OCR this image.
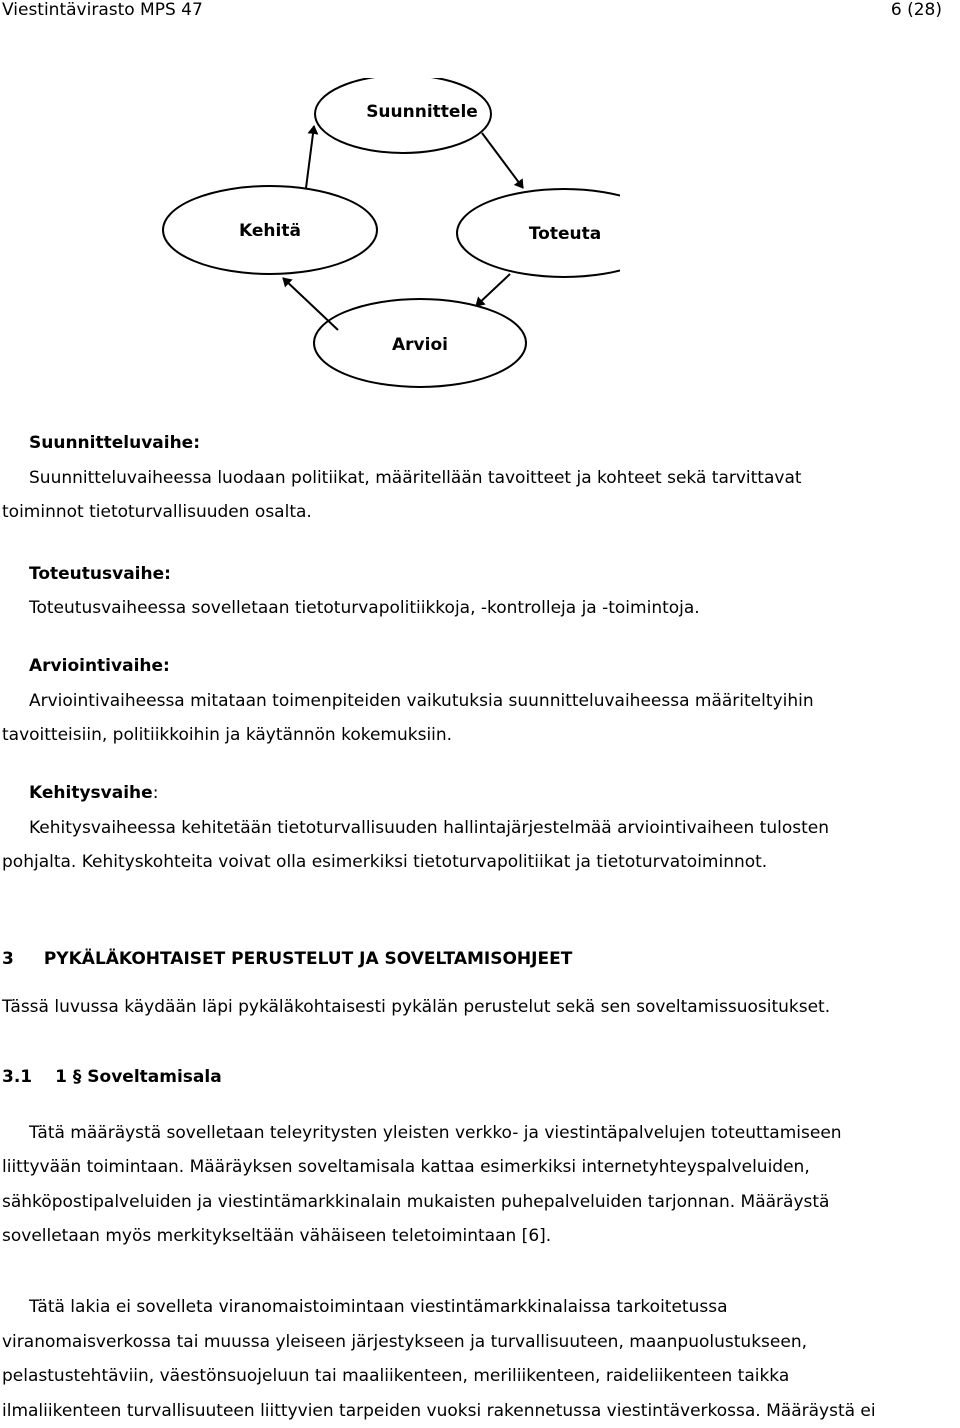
Viestintävirasto MPS 47	6 (28)
Suunnittele
Kehitä	Toteuta
Arvioi
Suunnitteluvaihe:
Suunnitteluvaiheessa luodaan politiikat, määritellään tavoitteet ja kohteet sekä tarvittavat
toiminnot tietoturvallisuuden osalta.
Toteutusvaihe:
Toteutusvaiheessa sovelletaan tietoturvapolitiikkoja, -kontrolleja ja -toimintoja.
Arviointivaihe:
Arviointivaiheessa mitataan toimenpiteiden vaikutuksia suunnitteluvaiheessa määriteltyihin
tavoitteisiin, politiikkoihin ja käytännön kokemuksiin.
Kehitysvaihe:
Kehitysvaiheessa kehitetään tietoturvallisuuden hallintajärjestelmää arviointivaiheen tulosten
pohjalta. Kehityskohteita voivat olla esimerkiksi tietoturvapolitiikat ja tietoturvatoiminnot.
3 PYKÄLÄKOHTAISET PERUSTELUT JA SOVELTAMISOHJEET
Tässä luvussa käydään läpi pykäläkohtaisesti pykälän perustelut sekä sen soveltamissuositukset.
3.1 1 § Soveltamisala
Tätä määräystä sovelletaan teleyritysten yleisten verkko- ja viestintäpalvelujen toteuttamiseen
liittyvään toimintaan. Määräyksen soveltamisala kattaa esimerkiksi internetyhteyspalveluiden,
sähköpostipalveluiden ja viestintämarkkinalain mukaisten puhepalveluiden tarjonnan. Määräystä
sovelletaan myös merkitykseltään vähäiseen teletoimintaan [6].
Tätä lakia ei sovelleta viranomaistoimintaan viestintämarkkinalaissa tarkoitetussa
viranomaisverkossa tai muussa yleiseen järjestykseen ja turvallisuuteen, maanpuolustukseen,
pelastustehtäviin, väestönsuojeluun tai maaliikenteen, meriliikenteen, raideliikenteen taikka
ilmaliikenteen turvallisuuteen liittyvien tarpeiden vuoksi rakennetussa viestintäverkossa. Määräystä ei
